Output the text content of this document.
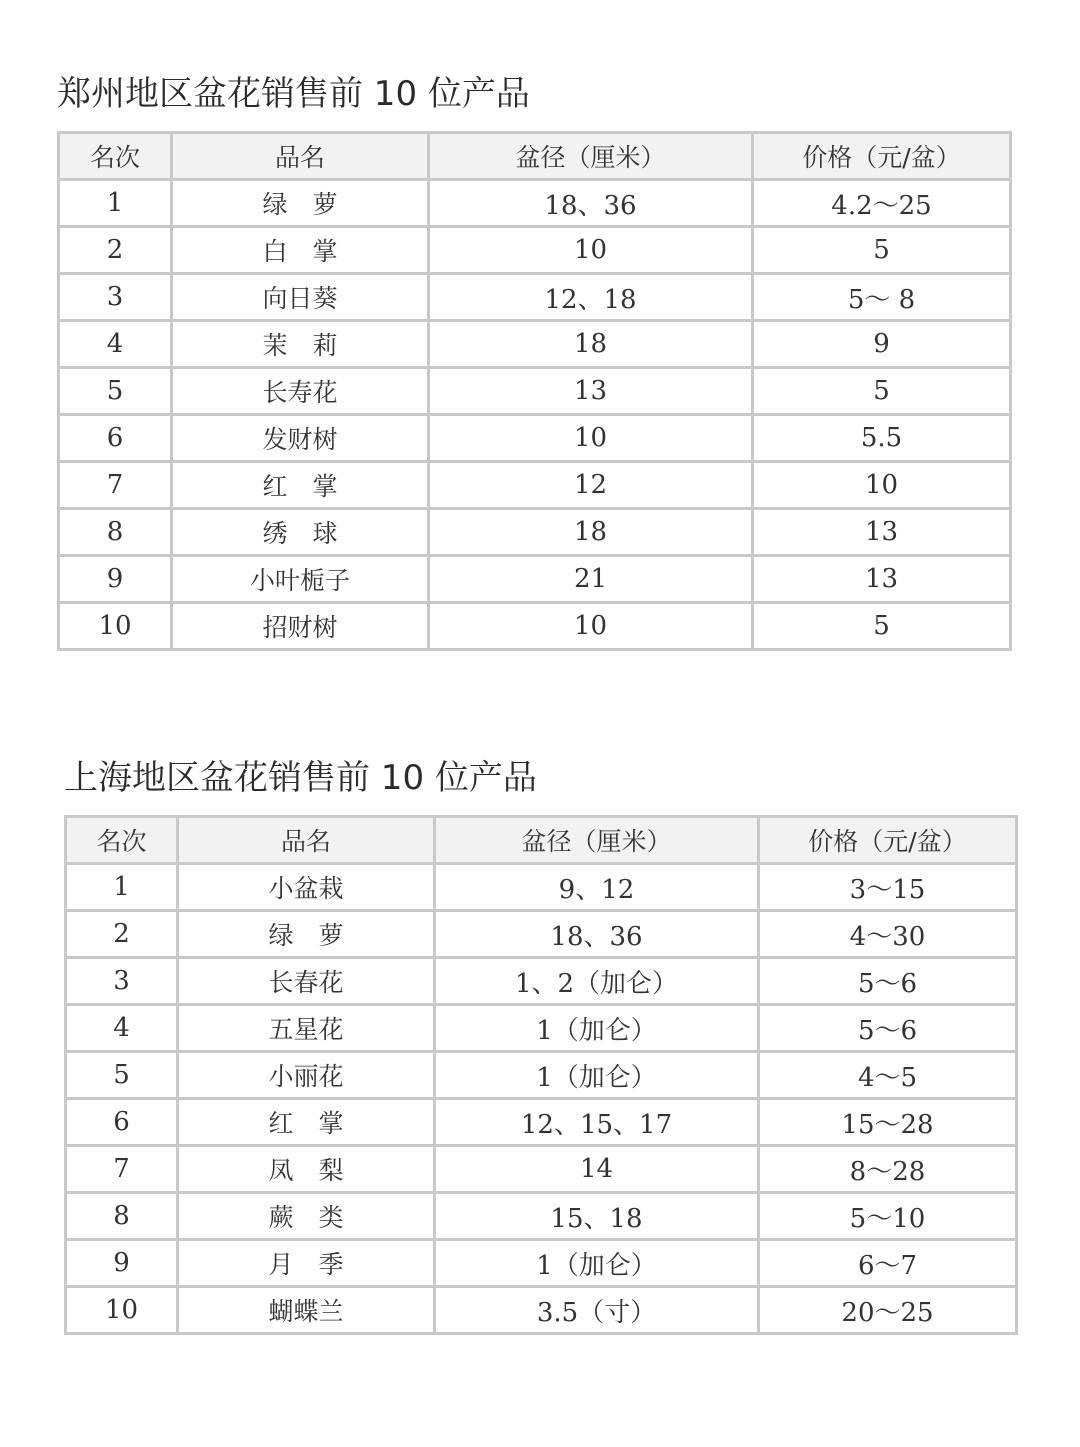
郑州地区盆花销售前 10 位产品
名次	品名	盆径（厘米）	价格（元/盆）
1	绿　萝	18、36	4.2～25
2	白　掌	10	5
3	向日葵	12、18	5～ 8
4	茉　莉	18	9
5	长寿花	13	5
6	发财树	10	5.5
7	红　掌	12	10
8	绣　球	18	13
9	小叶栀子	21	13
10	招财树	10	5
上海地区盆花销售前 10 位产品
名次	品名	盆径（厘米）	价格（元/盆）
1	小盆栽	9、12	3～15
2	绿　萝	18、36	4～30
3	长春花	1、2（加仑）	5～6
4	五星花	1（加仑）	5～6
5	小丽花	1（加仑）	4～5
6	红　掌	12、15、17	15～28
7	凤　梨	14	8～28
8	蕨　类	15、18	5～10
9	月　季	1（加仑）	6～7
10	蝴蝶兰	3.5（寸）	20～25
